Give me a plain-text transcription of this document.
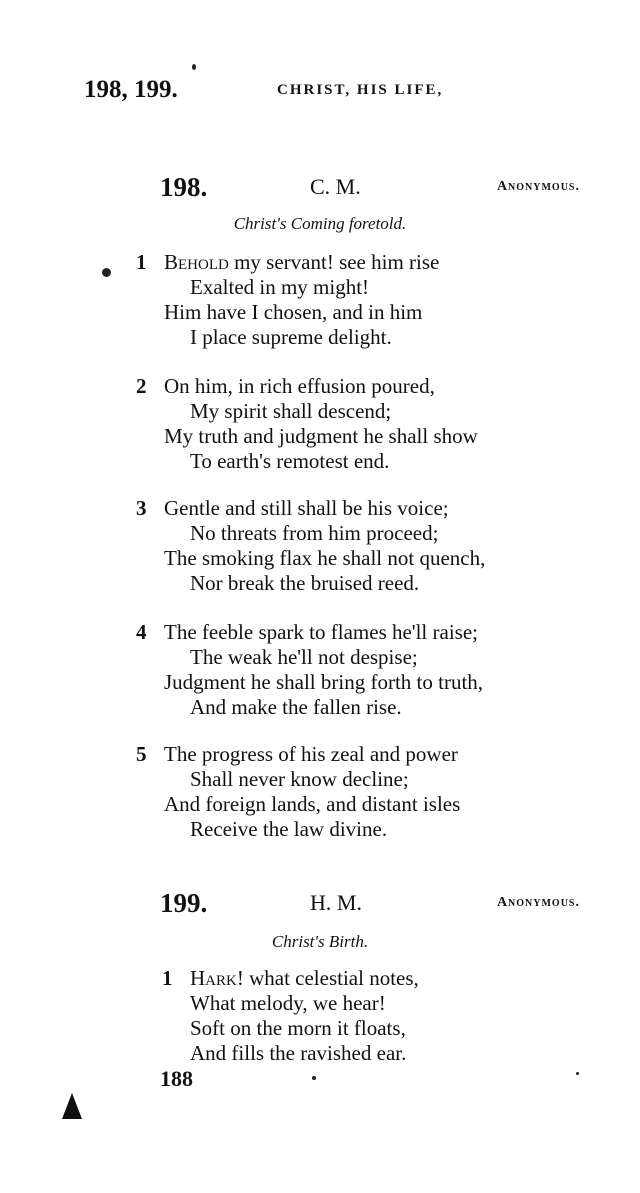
198, 199.	CHRIST, HIS LIFE,
198.	C. M.	Anonymous.
Christ's Coming foretold.
1 Behold my servant! see him rise
Exalted in my might!
Him have I chosen, and in him
I place supreme delight.
2 On him, in rich effusion poured,
My spirit shall descend;
My truth and judgment he shall show
To earth's remotest end.
3 Gentle and still shall be his voice;
No threats from him proceed;
The smoking flax he shall not quench,
Nor break the bruised reed.
4 The feeble spark to flames he'll raise;
The weak he'll not despise;
Judgment he shall bring forth to truth,
And make the fallen rise.
5 The progress of his zeal and power
Shall never know decline;
And foreign lands, and distant isles
Receive the law divine.
199.	H. M.	Anonymous.
Christ's Birth.
1 Hark! what celestial notes,
What melody, we hear!
Soft on the morn it floats,
And fills the ravished ear.
188
